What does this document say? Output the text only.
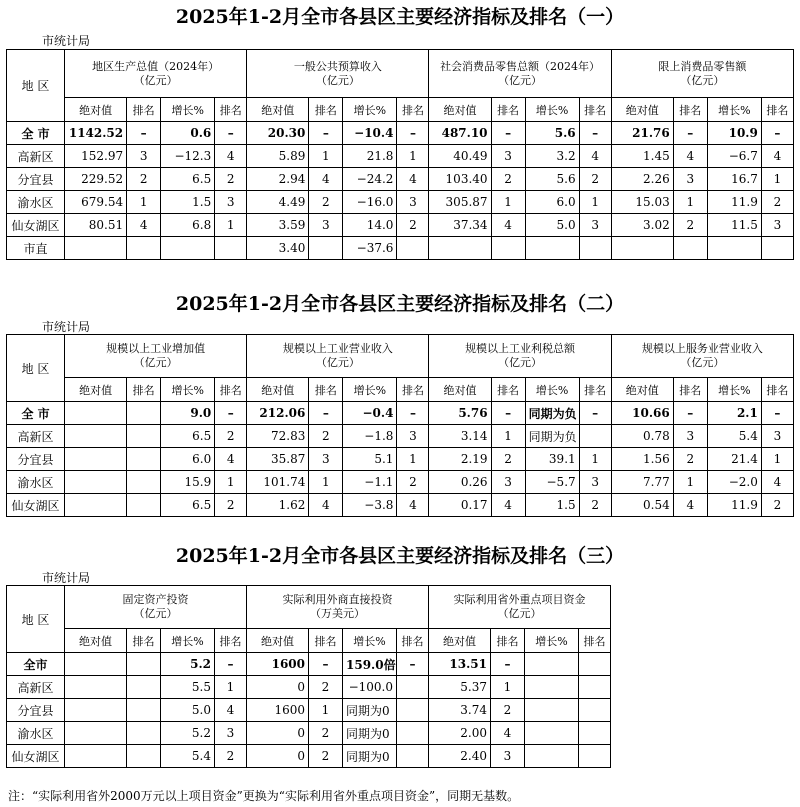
2025年1-2月全市各县区主要经济指标及排名（一）
市统计局
2025年1-2月全市各县区主要经济指标及排名（二）
市统计局
2025年1-2月全市各县区主要经济指标及排名（三）
市统计局
地 区	地区生产总值（2024年）
（亿元）				一般公共预算收入
（亿元）				社会消费品零售总额（2024年）
（亿元）				限上消费品零售额
（亿元）			
	绝对值	排名	增长%	排名	绝对值	排名	增长%	排名	绝对值	排名	增长%	排名	绝对值	排名	增长%	排名
全 市	1142.52	–	0.6	–	20.30	–	−10.4	–	487.10	–	5.6	–	21.76	–	10.9	–
高新区	152.97	3	−12.3	4	5.89	1	21.8	1	40.49	3	3.2	4	1.45	4	−6.7	4
分宜县	229.52	2	6.5	2	2.94	4	−24.2	4	103.40	2	5.6	2	2.26	3	16.7	1
渝水区	679.54	1	1.5	3	4.49	2	−16.0	3	305.87	1	6.0	1	15.03	1	11.9	2
仙女湖区	80.51	4	6.8	1	3.59	3	14.0	2	37.34	4	5.0	3	3.02	2	11.5	3
市直					3.40		−37.6									
地 区	规模以上工业增加值
（亿元）				规模以上工业营业收入
（亿元）				规模以上工业利税总额
（亿元）				规模以上服务业营业收入
（亿元）			
	绝对值	排名	增长%	排名	绝对值	排名	增长%	排名	绝对值	排名	增长%	排名	绝对值	排名	增长%	排名
全 市			9.0	–	212.06	–	−0.4	–	5.76	–	同期为负	–	10.66	–	2.1	–
高新区			6.5	2	72.83	2	−1.8	3	3.14	1	同期为负		0.78	3	5.4	3
分宜县			6.0	4	35.87	3	5.1	1	2.19	2	39.1	1	1.56	2	21.4	1
渝水区			15.9	1	101.74	1	−1.1	2	0.26	3	−5.7	3	7.77	1	−2.0	4
仙女湖区			6.5	2	1.62	4	−3.8	4	0.17	4	1.5	2	0.54	4	11.9	2
地 区	固定资产投资
（亿元）				实际利用外商直接投资
（万美元）				实际利用省外重点项目资金
（亿元）			
	绝对值	排名	增长%	排名	绝对值	排名	增长%	排名	绝对值	排名	增长%	排名
全市			5.2	–	1600	–	159.0倍	–	13.51	–		
高新区			5.5	1	0	2	−100.0		5.37	1		
分宜县			5.0	4	1600	1	同期为0		3.74	2		
渝水区			5.2	3	0	2	同期为0		2.00	4		
仙女湖区			5.4	2	0	2	同期为0		2.40	3		
注：“实际利用省外2000万元以上项目资金”更换为“实际利用省外重点项目资金”，同期无基数。
